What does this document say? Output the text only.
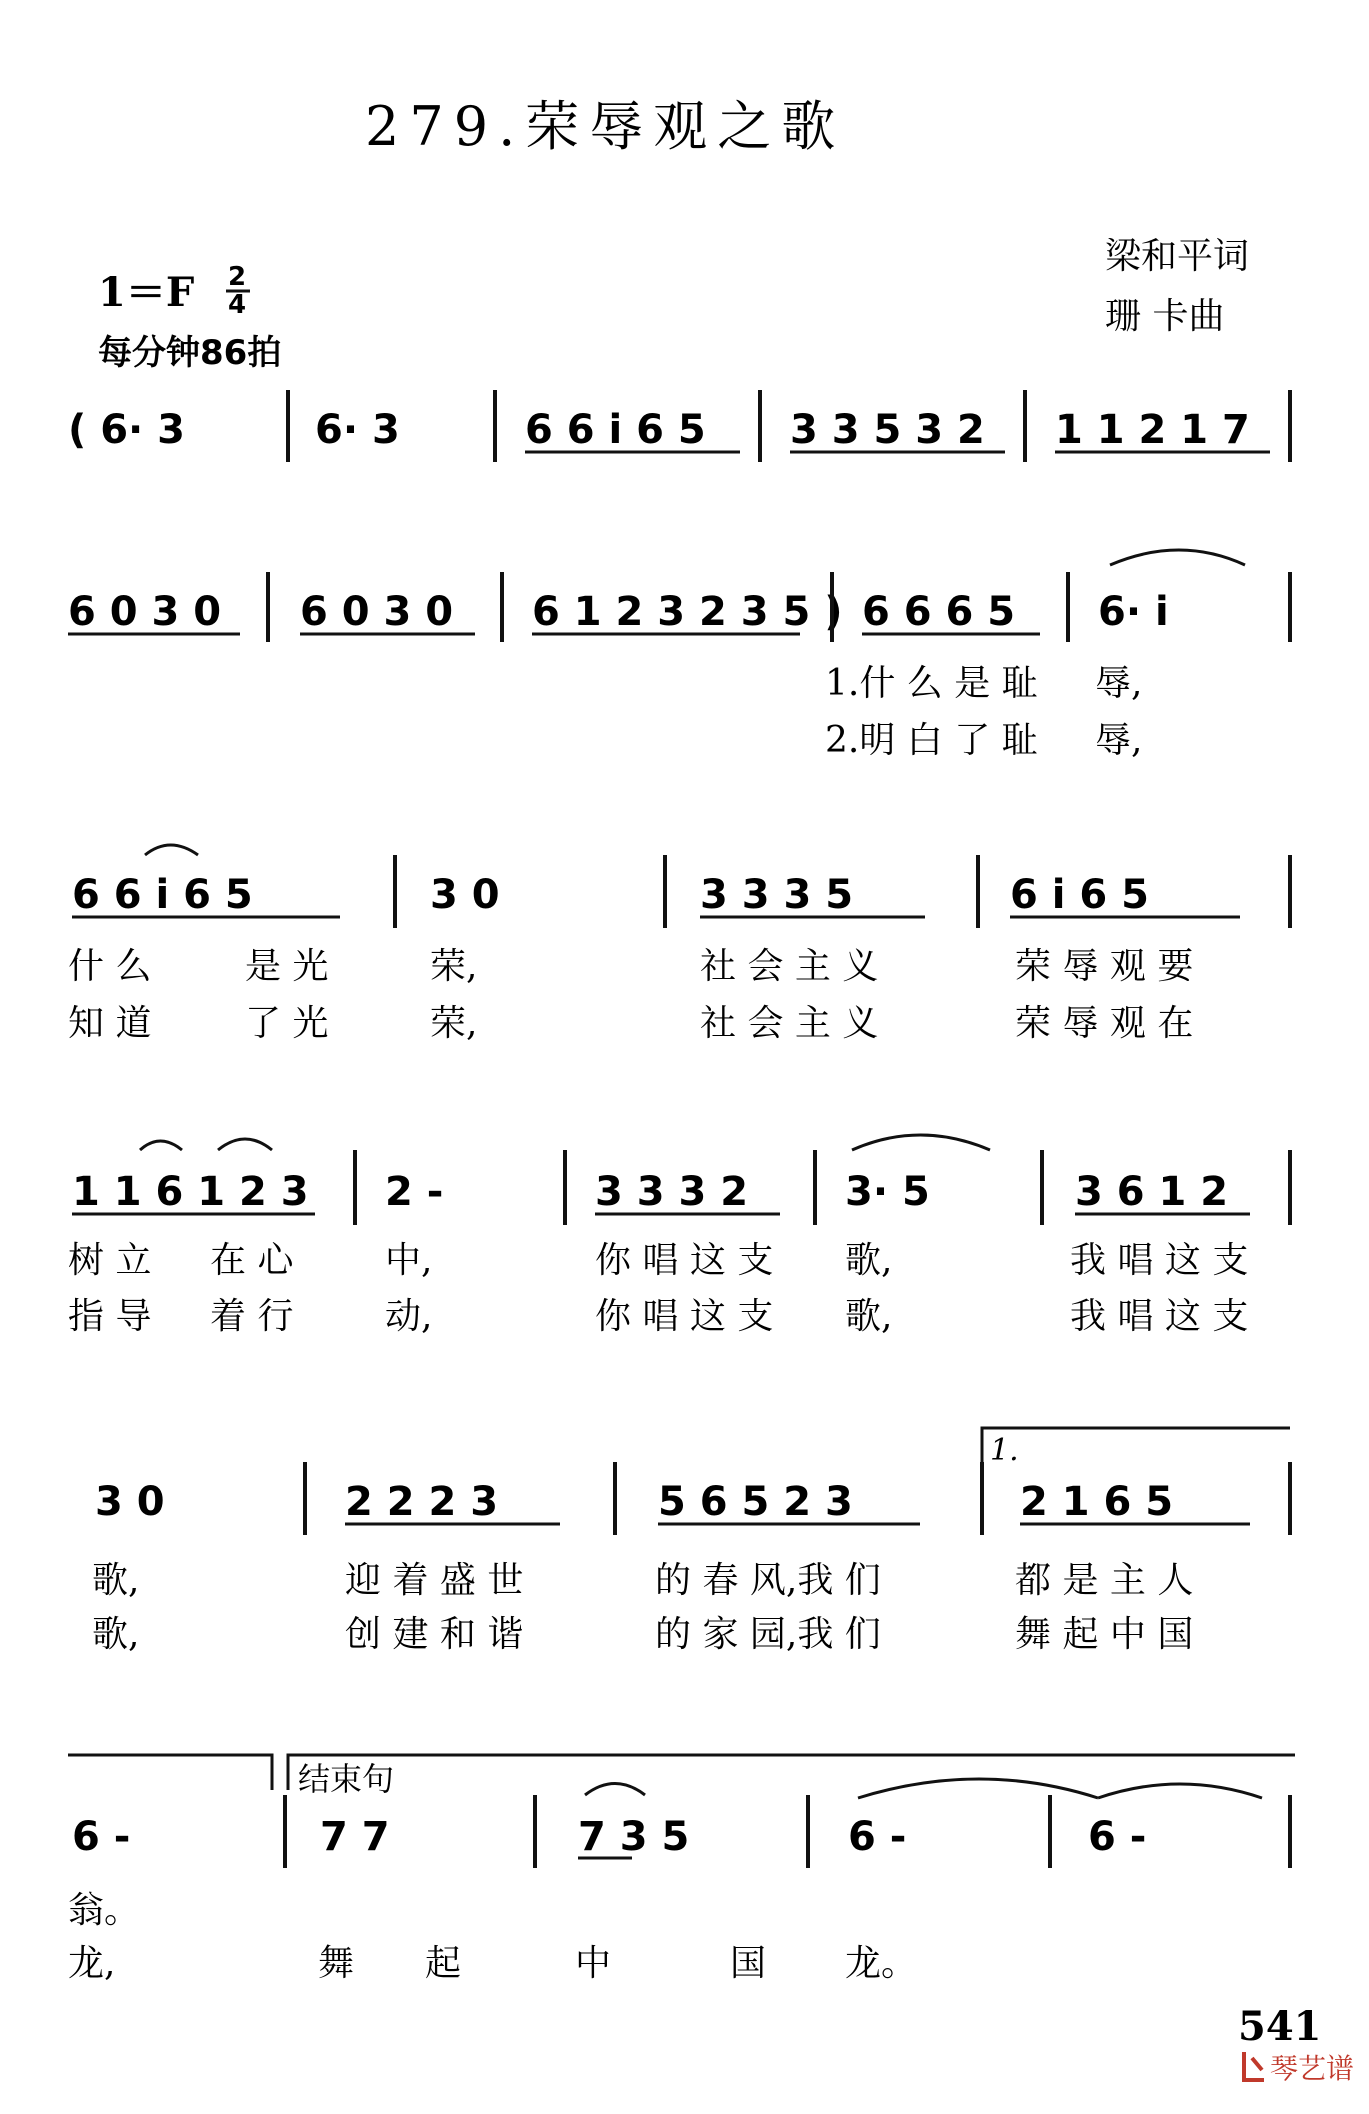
279.荣辱观之歌
梁和平词
珊 卡曲
1＝F 2
4
每分钟86拍
( 6· 3	6· 3	6 6 i 6 5 3 3 5 3 2 1 1 2 1 7
6 0 3 0 6 0 3 0 6 1 2 3 2 3 5 ) 6 6 6 5 6· i
1.什 么 是 耻 辱,
2.明 白 了 耻 辱,
6 6 i 6 5	3 0	3 3 3 5	6 i 6 5
什 么	是 光	荣,	社 会 主 义	荣 辱 观 要
知 道	了 光	荣,	社 会 主 义	荣 辱 观 在
1 1 6 1 2 3 2 -	3 3 3 2 3· 5	3 6 1 2
树 立 在 心	中,	你 唱 这 支 歌,	我 唱 这 支
指 导 着 行	动,	你 唱 这 支 歌,	我 唱 这 支
1.
3 0	2 2 2 3	5 6 5 2 3	2 1 6 5
歌,	迎 着 盛 世	的 春 风,我 们	都 是 主 人
歌,	创 建 和 谐	的 家 园,我 们	舞 起 中 国
结束句
6 -	7 7	7 3 5	6 -	6 -
翁。
龙,	舞 起	中	国 龙。
541
琴艺谱
